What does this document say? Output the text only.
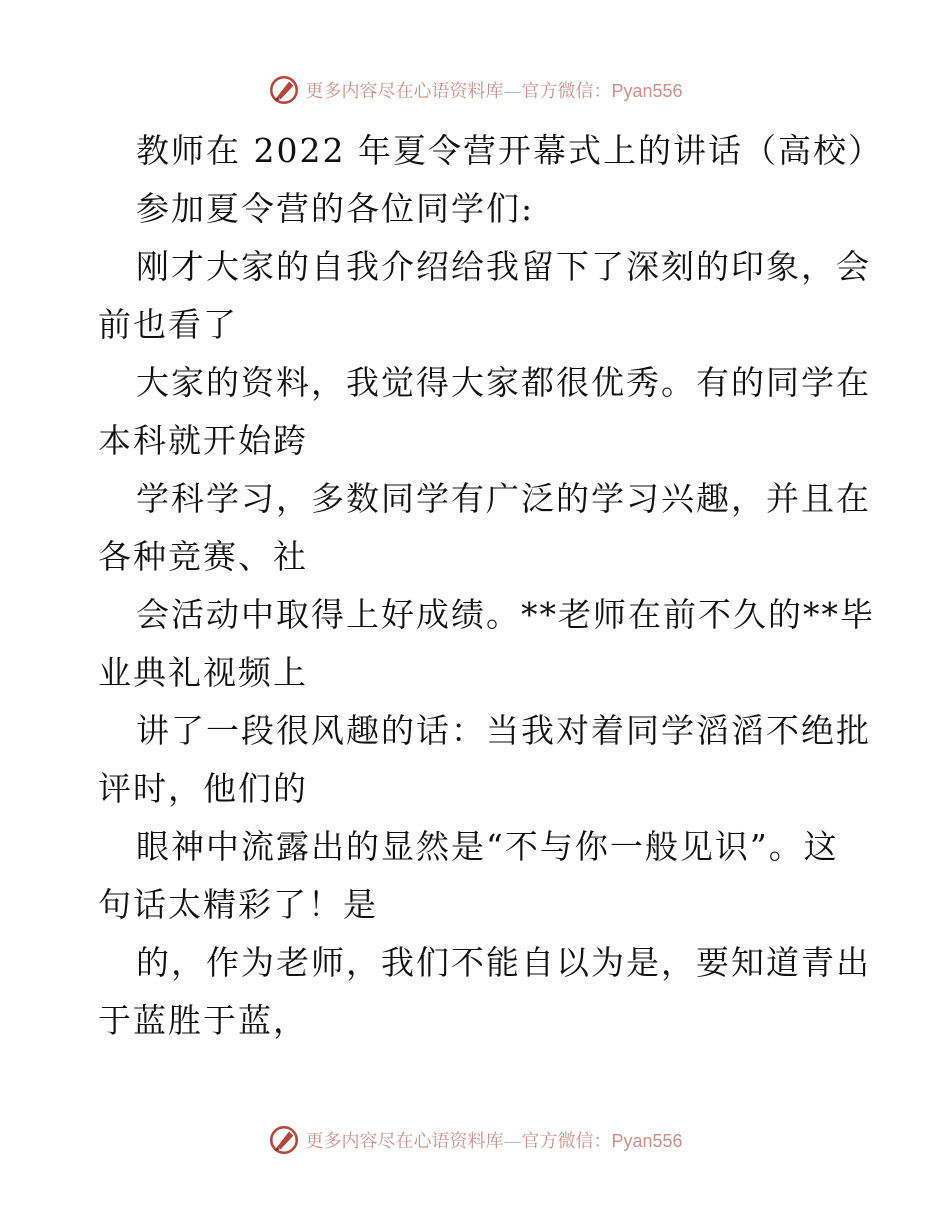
更多内容尽在心语资料库—官方微信：Pyan556
教师在 2022 年夏令营开幕式上的讲话（高校）
参加夏令营的各位同学们:
刚才大家的自我介绍给我留下了深刻的印象，会
前也看了
大家的资料，我觉得大家都很优秀。有的同学在
本科就开始跨
学科学习，多数同学有广泛的学习兴趣，并且在
各种竞赛、社
会活动中取得上好成绩。**老师在前不久的**毕
业典礼视频上
讲了一段很风趣的话：当我对着同学滔滔不绝批
评时，他们的
眼神中流露出的显然是“不与你一般见识”。这
句话太精彩了！是
的，作为老师，我们不能自以为是，要知道青出
于蓝胜于蓝，
更多内容尽在心语资料库—官方微信：Pyan556
